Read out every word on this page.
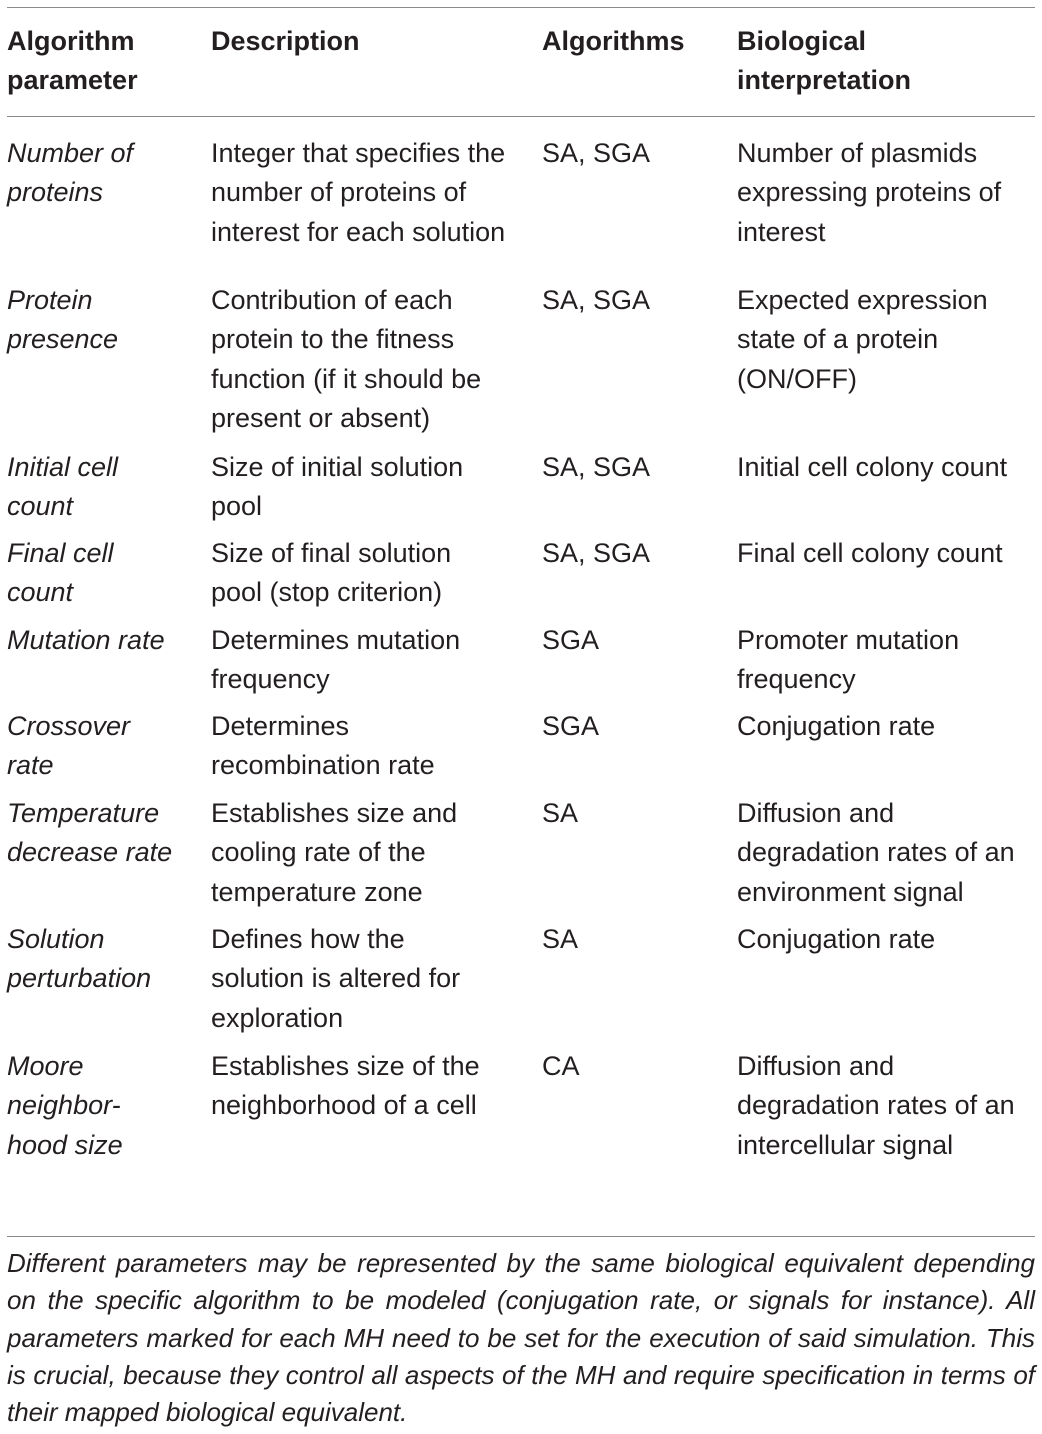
Algorithm parameter	Description	Algorithms	Biological interpretation
Number of proteins	Integer that specifies the number of proteins of interest for each solution	SA, SGA	Number of plasmids expressing proteins of interest
Protein presence	Contribution of each protein to the fitness function (if it should be present or absent)	SA, SGA	Expected expression state of a protein (ON/OFF)
Initial cell count	Size of initial solution pool	SA, SGA	Initial cell colony count
Final cell count	Size of final solution pool (stop criterion)	SA, SGA	Final cell colony count
Mutation rate	Determines mutation frequency	SGA	Promoter mutation frequency
Crossover rate	Determines recombination rate	SGA	Conjugation rate
Temperature decrease rate	Establishes size and cooling rate of the temperature zone	SA	Diffusion and degradation rates of an environment signal
Solution perturbation	Defines how the solution is altered for exploration	SA	Conjugation rate
Moore neighbor-hood size	Establishes size of the neighborhood of a cell	CA	Diffusion and degradation rates of an intercellular signal

Different parameters may be represented by the same biological equivalent depending on the specific algorithm to be modeled (conjugation rate, or signals for instance). All parameters marked for each MH need to be set for the execution of said simulation. This is crucial, because they control all aspects of the MH and require specification in terms of their mapped biological equivalent.
